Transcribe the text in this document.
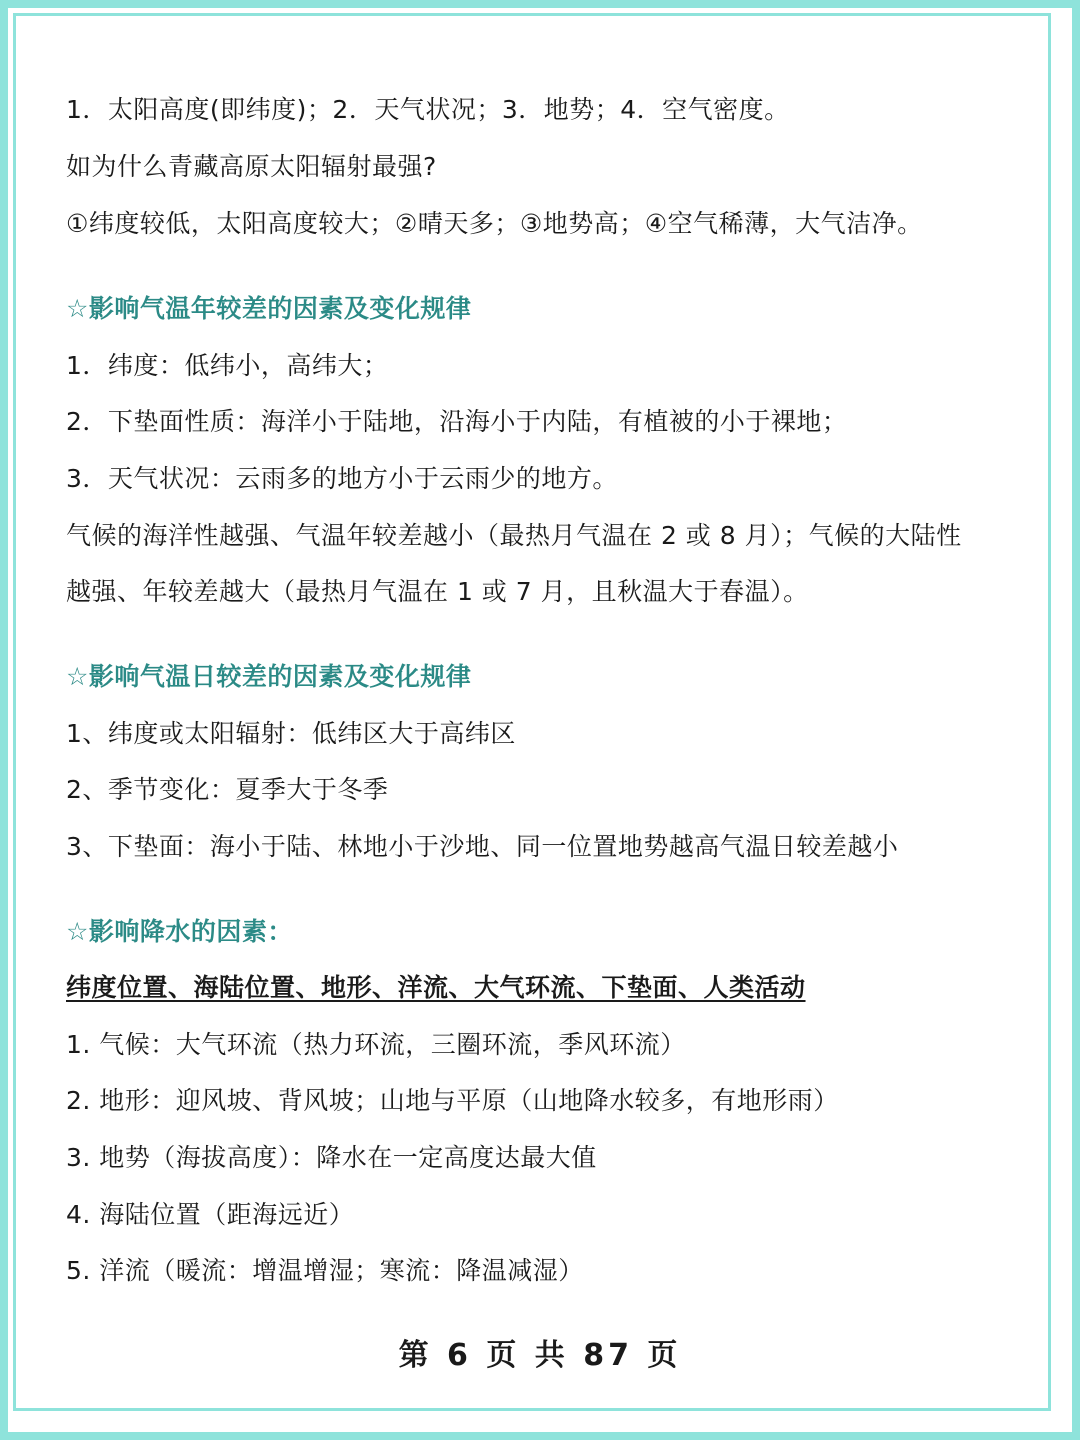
1．太阳高度(即纬度)；2．天气状况；3．地势；4．空气密度。
如为什么青藏高原太阳辐射最强?
①纬度较低，太阳高度较大；②晴天多；③地势高；④空气稀薄，大气洁净。
☆影响气温年较差的因素及变化规律
1．纬度：低纬小，高纬大；
2．下垫面性质：海洋小于陆地，沿海小于内陆，有植被的小于裸地；
3．天气状况：云雨多的地方小于云雨少的地方。
气候的海洋性越强、气温年较差越小（最热月气温在 2 或 8 月）；气候的大陆性
越强、年较差越大（最热月气温在 1 或 7 月，且秋温大于春温）。
☆影响气温日较差的因素及变化规律
1、纬度或太阳辐射：低纬区大于高纬区
2、季节变化：夏季大于冬季
3、下垫面：海小于陆、林地小于沙地、同一位置地势越高气温日较差越小
☆影响降水的因素：
纬度位置、海陆位置、地形、洋流、大气环流、下垫面、人类活动
1. 气候：大气环流（热力环流，三圈环流，季风环流）
2. 地形：迎风坡、背风坡；山地与平原（山地降水较多，有地形雨）
3. 地势（海拔高度）：降水在一定高度达最大值
4. 海陆位置（距海远近）
5. 洋流（暖流：增温增湿；寒流：降温减湿）
第 6 页 共 87 页
